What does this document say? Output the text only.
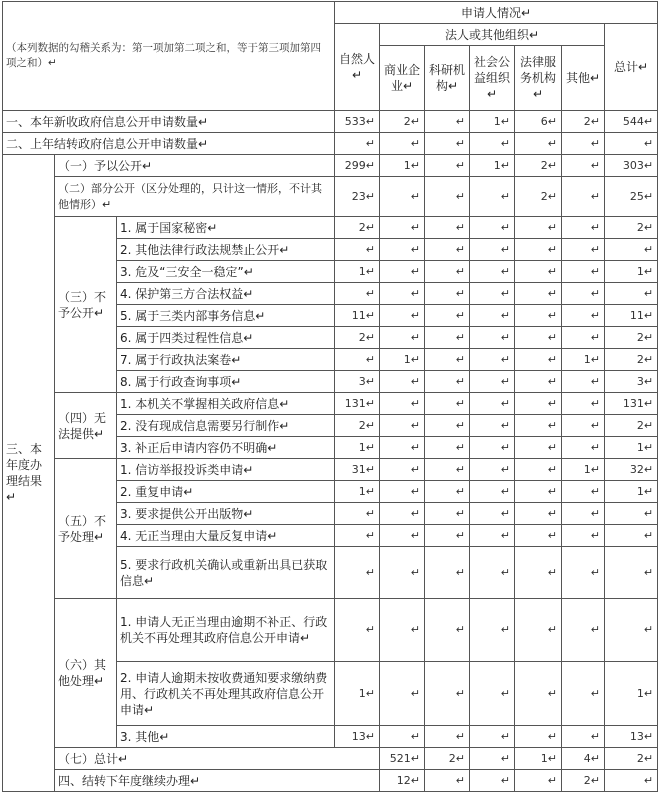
（本列数据的勾稽关系为：第一项加第二项之和，等于第三项加第四项之和）↵			申请人情况↵							
			自然人↵	法人或其他组织↵					总计↵	
				商业企业↵	科研机构↵	社会公益组织↵	法律服务机构↵	其他↵		
一、本年新收政府信息公开申请数量↵			533↵	2↵	↵	1↵	6↵	2↵	544↵	
二、上年结转政府信息公开申请数量↵			↵	↵	↵	↵	↵	↵	↵	
三、本年度办理结果↵	（一）予以公开↵		299↵	1↵	↵	1↵	2↵	↵	303↵	
	（二）部分公开（区分处理的，只计这一情形，不计其他情形）↵		23↵	↵	↵	↵	2↵	↵	25↵	
	（三）不予公开↵	1. 属于国家秘密↵	2↵	↵	↵	↵	↵	↵	2↵	
		2. 其他法律行政法规禁止公开↵	↵	↵	↵	↵	↵	↵	↵	
		3. 危及“三安全一稳定”↵	1↵	↵	↵	↵	↵	↵	1↵	
		4. 保护第三方合法权益↵	↵	↵	↵	↵	↵	↵	↵	
		5. 属于三类内部事务信息↵	11↵	↵	↵	↵	↵	↵	11↵	
		6. 属于四类过程性信息↵	2↵	↵	↵	↵	↵	↵	2↵	
		7. 属于行政执法案卷↵	↵	1↵	↵	↵	↵	1↵	2↵	
		8. 属于行政查询事项↵	3↵	↵	↵	↵	↵	↵	3↵	
	（四）无法提供↵	1. 本机关不掌握相关政府信息↵	131↵	↵	↵	↵	↵	↵	131↵	
		2. 没有现成信息需要另行制作↵	2↵	↵	↵	↵	↵	↵	2↵	
		3. 补正后申请内容仍不明确↵	1↵	↵	↵	↵	↵	↵	1↵	
	（五）不予处理↵	1. 信访举报投诉类申请↵	31↵	↵	↵	↵	↵	1↵	32↵	
		2. 重复申请↵	1↵	↵	↵	↵	↵	↵	1↵	
		3. 要求提供公开出版物↵	↵	↵	↵	↵	↵	↵	↵	
		4. 无正当理由大量反复申请↵	↵	↵	↵	↵	↵	↵	↵	
		5. 要求行政机关确认或重新出具已获取信息↵	↵	↵	↵	↵	↵	↵	↵	
	（六）其他处理↵	1. 申请人无正当理由逾期不补正、行政机关不再处理其政府信息公开申请↵	↵	↵	↵	↵	↵	↵	↵	
		2. 申请人逾期未按收费通知要求缴纳费用、行政机关不再处理其政府信息公开申请↵	1↵	↵	↵	↵	↵	↵	1↵	
		3. 其他↵	13↵	↵	↵	↵	↵	↵	13↵	
	（七）总计↵			521↵	2↵	↵	1↵	4↵	2↵	
	四、结转下年度继续办理↵			12↵	↵	↵	↵	2↵	↵	
